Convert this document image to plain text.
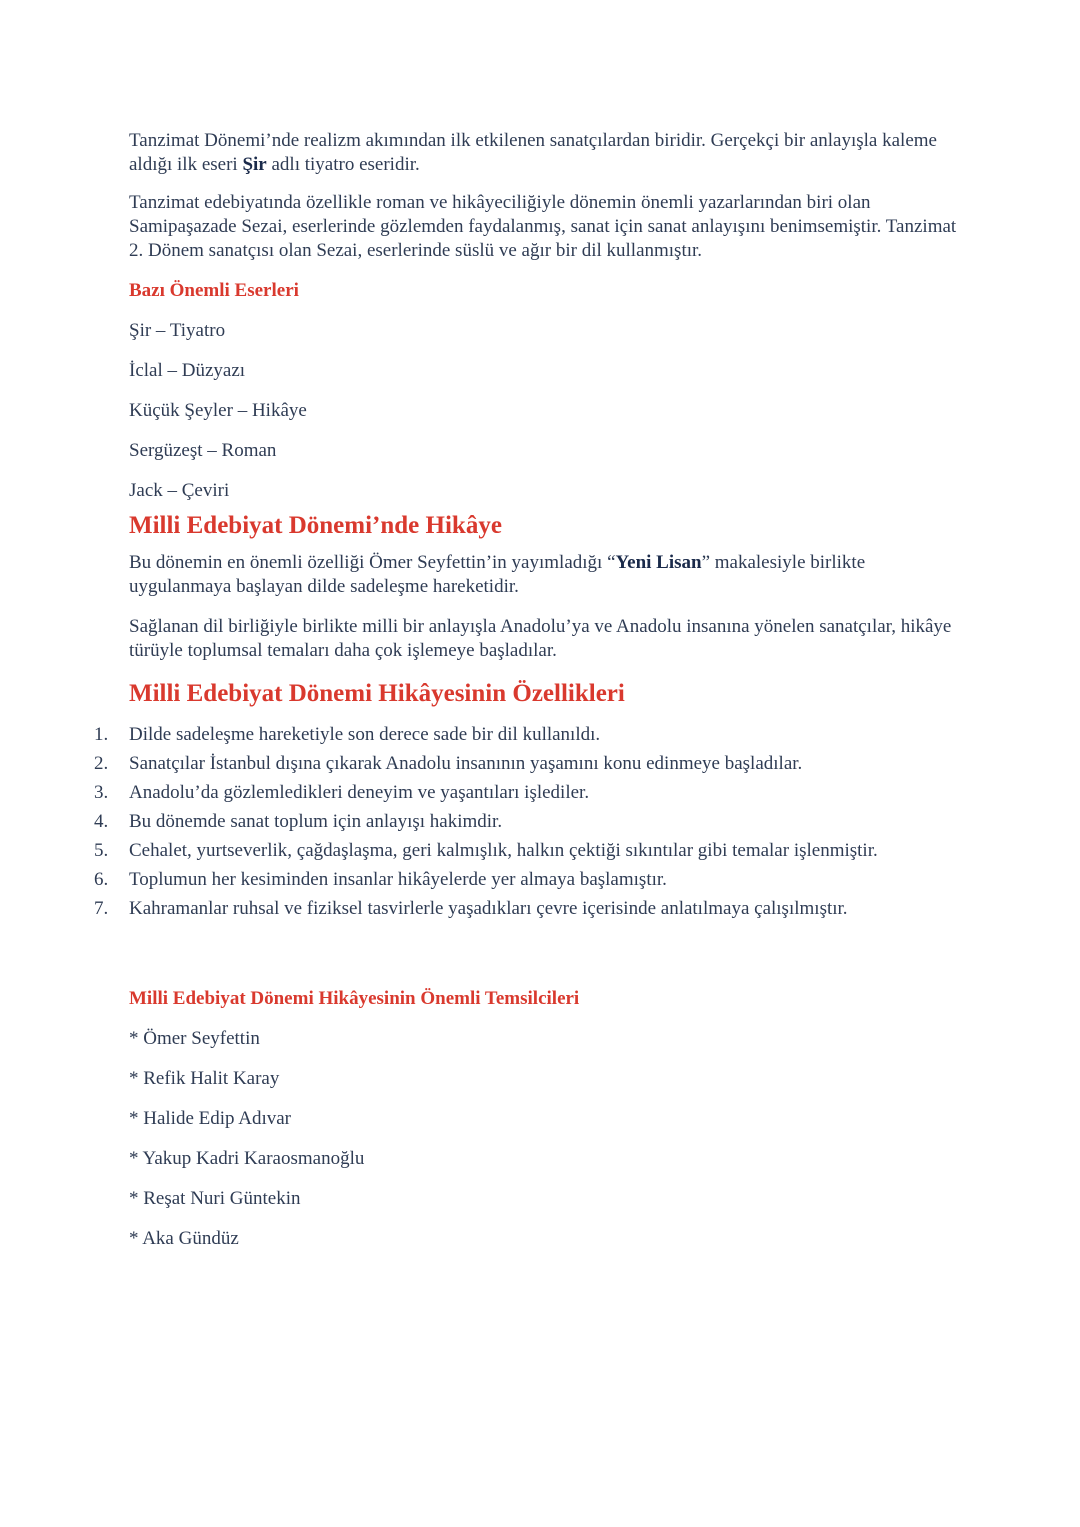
Tanzimat Dönemi’nde realizm akımından ilk etkilenen sanatçılardan biridir. Gerçekçi bir anlayışla kaleme aldığı ilk eseri Şir adlı tiyatro eseridir.

Tanzimat edebiyatında özellikle roman ve hikâyeciliğiyle dönemin önemli yazarlarından biri olan Samipaşazade Sezai, eserlerinde gözlemden faydalanmış, sanat için sanat anlayışını benimsemiştir. Tanzimat 2. Dönem sanatçısı olan Sezai, eserlerinde süslü ve ağır bir dil kullanmıştır.

Bazı Önemli Eserleri
Şir – Tiyatro
İclal – Düzyazı
Küçük Şeyler – Hikâye
Sergüzeşt – Roman
Jack – Çeviri
Milli Edebiyat Dönemi’nde Hikâye

Bu dönemin en önemli özelliği Ömer Seyfettin’in yayımladığı “Yeni Lisan” makalesiyle birlikte uygulanmaya başlayan dilde sadeleşme hareketidir.

Sağlanan dil birliğiyle birlikte milli bir anlayışla Anadolu’ya ve Anadolu insanına yönelen sanatçılar, hikâye türüyle toplumsal temaları daha çok işlemeye başladılar.

Milli Edebiyat Dönemi Hikâyesinin Özellikleri
1.	Dilde sadeleşme hareketiyle son derece sade bir dil kullanıldı.
2.	Sanatçılar İstanbul dışına çıkarak Anadolu insanının yaşamını konu edinmeye başladılar.
3.	Anadolu’da gözlemledikleri deneyim ve yaşantıları işlediler.
4.	Bu dönemde sanat toplum için anlayışı hakimdir.
5.	Cehalet, yurtseverlik, çağdaşlaşma, geri kalmışlık, halkın çektiği sıkıntılar gibi temalar işlenmiştir.
6.	Toplumun her kesiminden insanlar hikâyelerde yer almaya başlamıştır.
7.	Kahramanlar ruhsal ve fiziksel tasvirlerle yaşadıkları çevre içerisinde anlatılmaya çalışılmıştır.
Milli Edebiyat Dönemi Hikâyesinin Önemli Temsilcileri
* Ömer Seyfettin
* Refik Halit Karay
* Halide Edip Adıvar
* Yakup Kadri Karaosmanoğlu
* Reşat Nuri Güntekin
* Aka Gündüz
